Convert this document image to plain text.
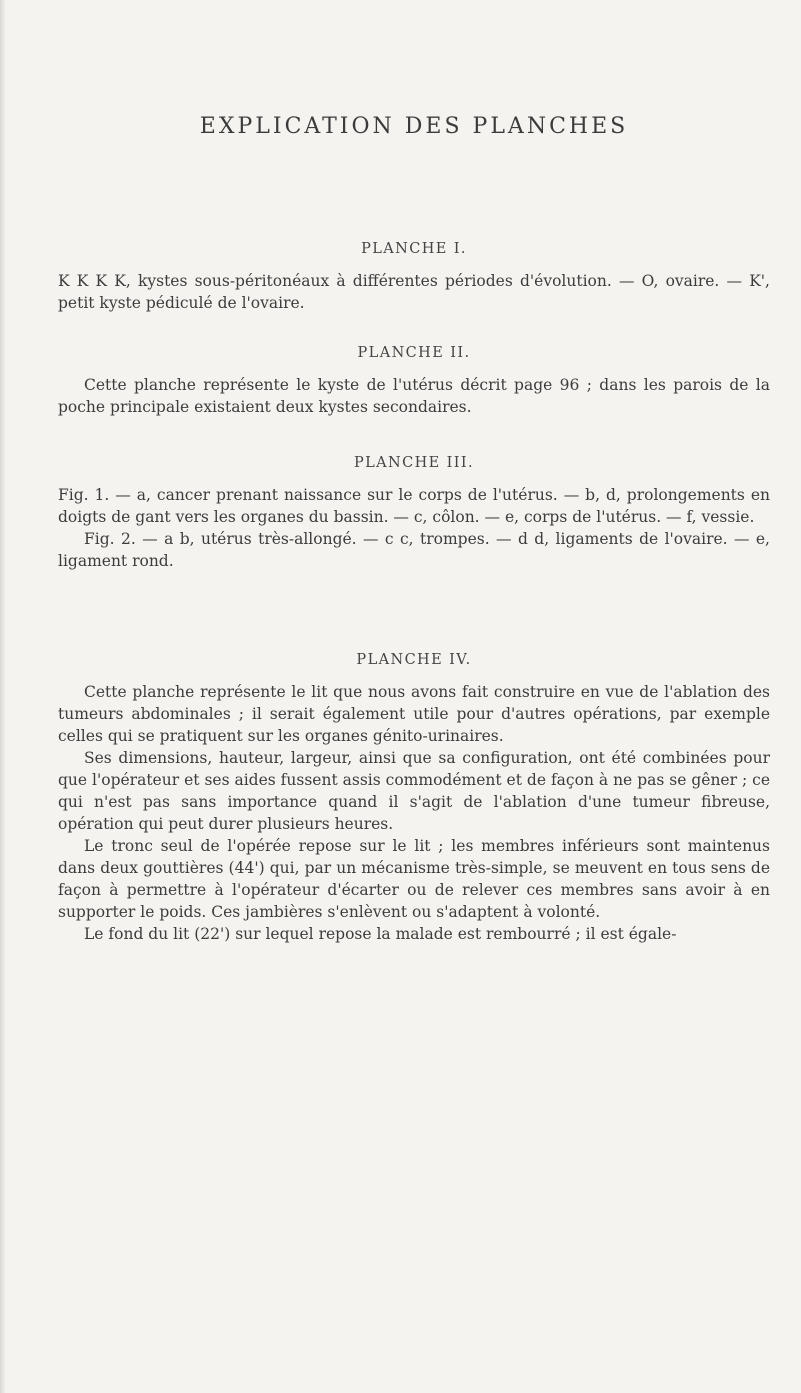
EXPLICATION DES PLANCHES
PLANCHE I.

K K K K, kystes sous-péritonéaux à différentes périodes d'évolution. — O, ovaire. — K', petit kyste pédiculé de l'ovaire.

PLANCHE II.

Cette planche représente le kyste de l'utérus décrit page 96 ; dans les parois de la poche principale existaient deux kystes secondaires.

PLANCHE III.

Fig. 1. — a, cancer prenant naissance sur le corps de l'utérus. — b, d, prolongements en doigts de gant vers les organes du bassin. — c, côlon. — e, corps de l'utérus. — f, vessie.

Fig. 2. — a b, utérus très-allongé. — c c, trompes. — d d, ligaments de l'ovaire. — e, ligament rond.

PLANCHE IV.

Cette planche représente le lit que nous avons fait construire en vue de l'ablation des tumeurs abdominales ; il serait également utile pour d'autres opérations, par exemple celles qui se pratiquent sur les organes génito-urinaires.

Ses dimensions, hauteur, largeur, ainsi que sa configuration, ont été combinées pour que l'opérateur et ses aides fussent assis commodément et de façon à ne pas se gêner ; ce qui n'est pas sans importance quand il s'agit de l'ablation d'une tumeur fibreuse, opération qui peut durer plusieurs heures.

Le tronc seul de l'opérée repose sur le lit ; les membres inférieurs sont maintenus dans deux gouttières (44') qui, par un mécanisme très-simple, se meuvent en tous sens de façon à permettre à l'opérateur d'écarter ou de relever ces membres sans avoir à en supporter le poids. Ces jambières s'enlèvent ou s'adaptent à volonté.

Le fond du lit (22') sur lequel repose la malade est rembourré ; il est égale-
